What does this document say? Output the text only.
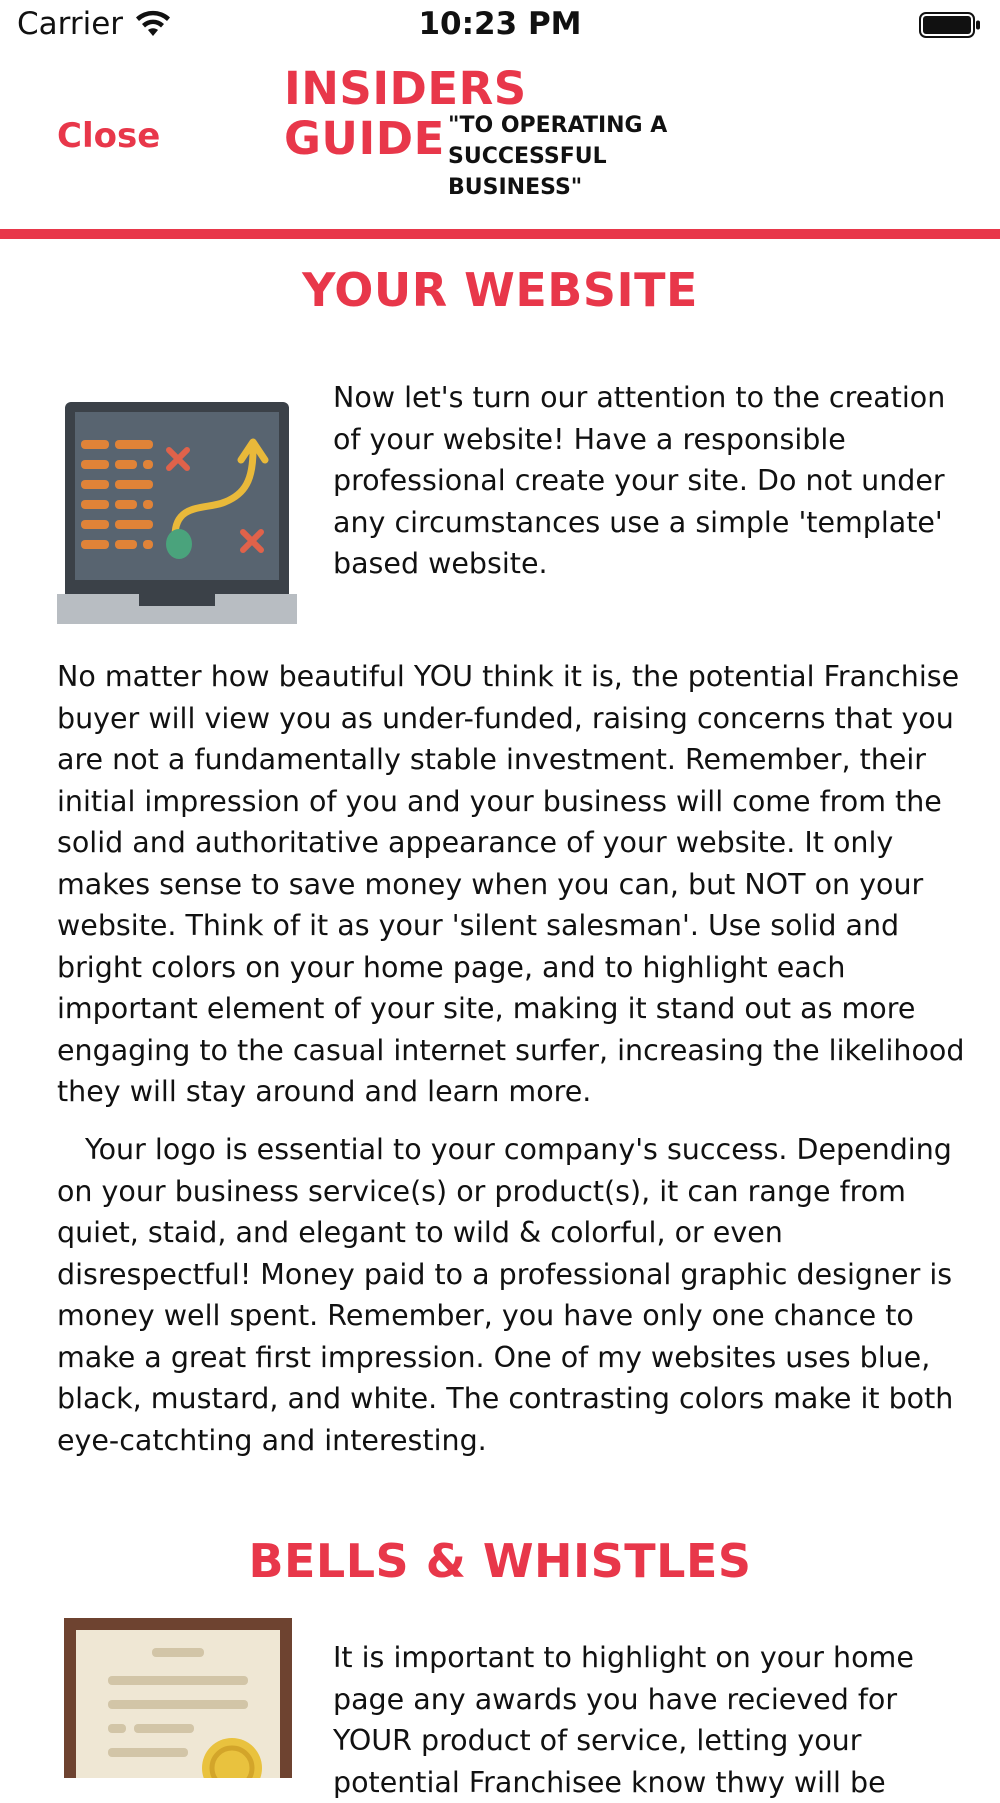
Carrier	10:23 PM
Close
INSIDERS
GUIDE "TO OPERATING A
SUCCESSFUL BUSINESS"
YOUR WEBSITE

Now let's turn our attention to the creation of your website! Have a responsible professional create your site. Do not under any circumstances use a simple 'template' based website.

No matter how beautiful YOU think it is, the potential Franchise buyer will view you as under-funded, raising concerns that you are not a fundamentally stable investment. Remember, their initial impression of you and your business will come from the solid and authoritative appearance of your website. It only makes sense to save money when you can, but NOT on your website. Think of it as your 'silent salesman'. Use solid and bright colors on your home page, and to highlight each important element of your site, making it stand out as more engaging to the casual internet surfer, increasing the likelihood they will stay around and learn more.

Your logo is essential to your company's success. Depending on your business service(s) or product(s), it can range from quiet, staid, and elegant to wild & colorful, or even disrespectful! Money paid to a professional graphic designer is money well spent. Remember, you have only one chance to make a great first impression. One of my websites uses blue, black, mustard, and white. The contrasting colors make it both eye-catchting and interesting.

BELLS & WHISTLES

It is important to highlight on your home page any awards you have recieved for YOUR product of service, letting your potential Franchisee know thwy will be
